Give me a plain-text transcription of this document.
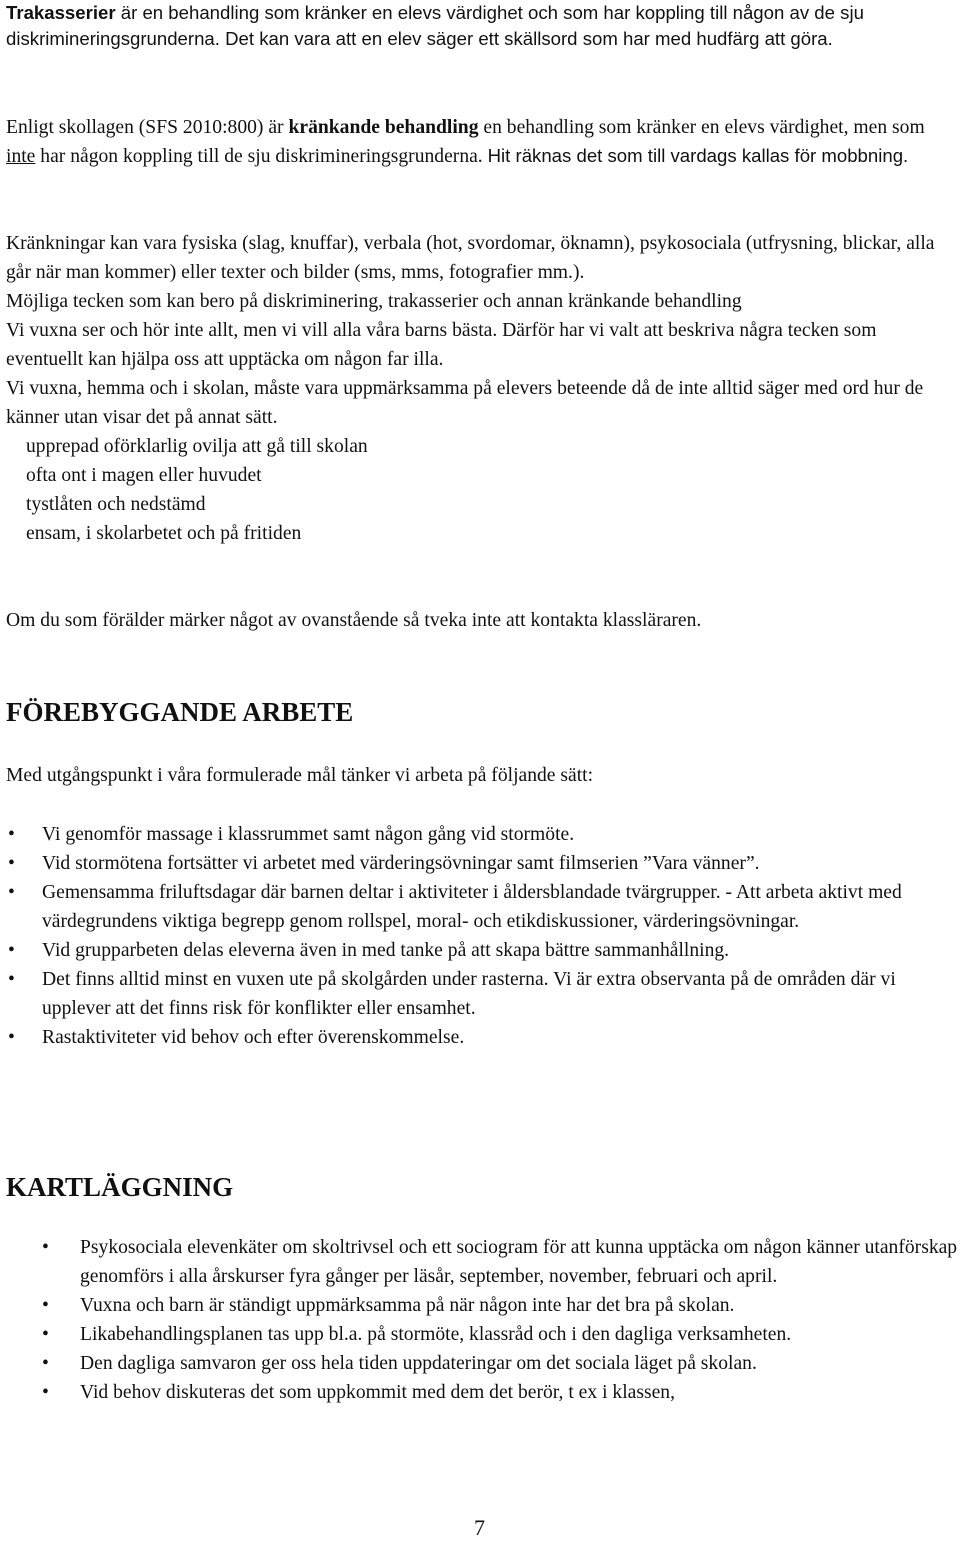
Trakasserier är en behandling som kränker en elevs värdighet och som har koppling till någon av de sju diskrimineringsgrunderna. Det kan vara att en elev säger ett skällsord som har med hudfärg att göra.

Enligt skollagen (SFS 2010:800) är kränkande behandling en behandling som kränker en elevs värdighet, men som inte har någon koppling till de sju diskrimineringsgrunderna. Hit räknas det som till vardags kallas för mobbning.

Kränkningar kan vara fysiska (slag, knuffar), verbala (hot, svordomar, öknamn), psykosociala (utfrysning, blickar, alla går när man kommer) eller texter och bilder (sms, mms, fotografier mm.).

Möjliga tecken som kan bero på diskriminering, trakasserier och annan kränkande behandling

Vi vuxna ser och hör inte allt, men vi vill alla våra barns bästa. Därför har vi valt att beskriva några tecken som eventuellt kan hjälpa oss att upptäcka om någon far illa.

Vi vuxna, hemma och i skolan, måste vara uppmärksamma på elevers beteende då de inte alltid säger med ord hur de känner utan visar det på annat sätt.

upprepad oförklarlig ovilja att gå till skolan
ofta ont i magen eller huvudet
tystlåten och nedstämd
ensam, i skolarbetet och på fritiden

Om du som förälder märker något av ovanstående så tveka inte att kontakta klassläraren.

FÖREBYGGANDE ARBETE

Med utgångspunkt i våra formulerade mål tänker vi arbeta på följande sätt:

• Vi genomför massage i klassrummet samt någon gång vid stormöte.
• Vid stormötena fortsätter vi arbetet med värderingsövningar samt filmserien ”Vara vänner”.
• Gemensamma friluftsdagar där barnen deltar i aktiviteter i åldersblandade tvärgrupper. - Att arbeta aktivt med värdegrundens viktiga begrepp genom rollspel, moral- och etikdiskussioner, värderingsövningar.
• Vid grupparbeten delas eleverna även in med tanke på att skapa bättre sammanhållning.
• Det finns alltid minst en vuxen ute på skolgården under rasterna. Vi är extra observanta på de områden där vi upplever att det finns risk för konflikter eller ensamhet.
• Rastaktiviteter vid behov och efter överenskommelse.
KARTLÄGGNING
• Psykosociala elevenkäter om skoltrivsel och ett sociogram för att kunna upptäcka om någon känner utanförskap genomförs i alla årskurser fyra gånger per läsår, september, november, februari och april.
• Vuxna och barn är ständigt uppmärksamma på när någon inte har det bra på skolan.
• Likabehandlingsplanen tas upp bl.a. på stormöte, klassråd och i den dagliga verksamheten.
• Den dagliga samvaron ger oss hela tiden uppdateringar om det sociala läget på skolan.
• Vid behov diskuteras det som uppkommit med dem det berör, t ex i klassen,
7
